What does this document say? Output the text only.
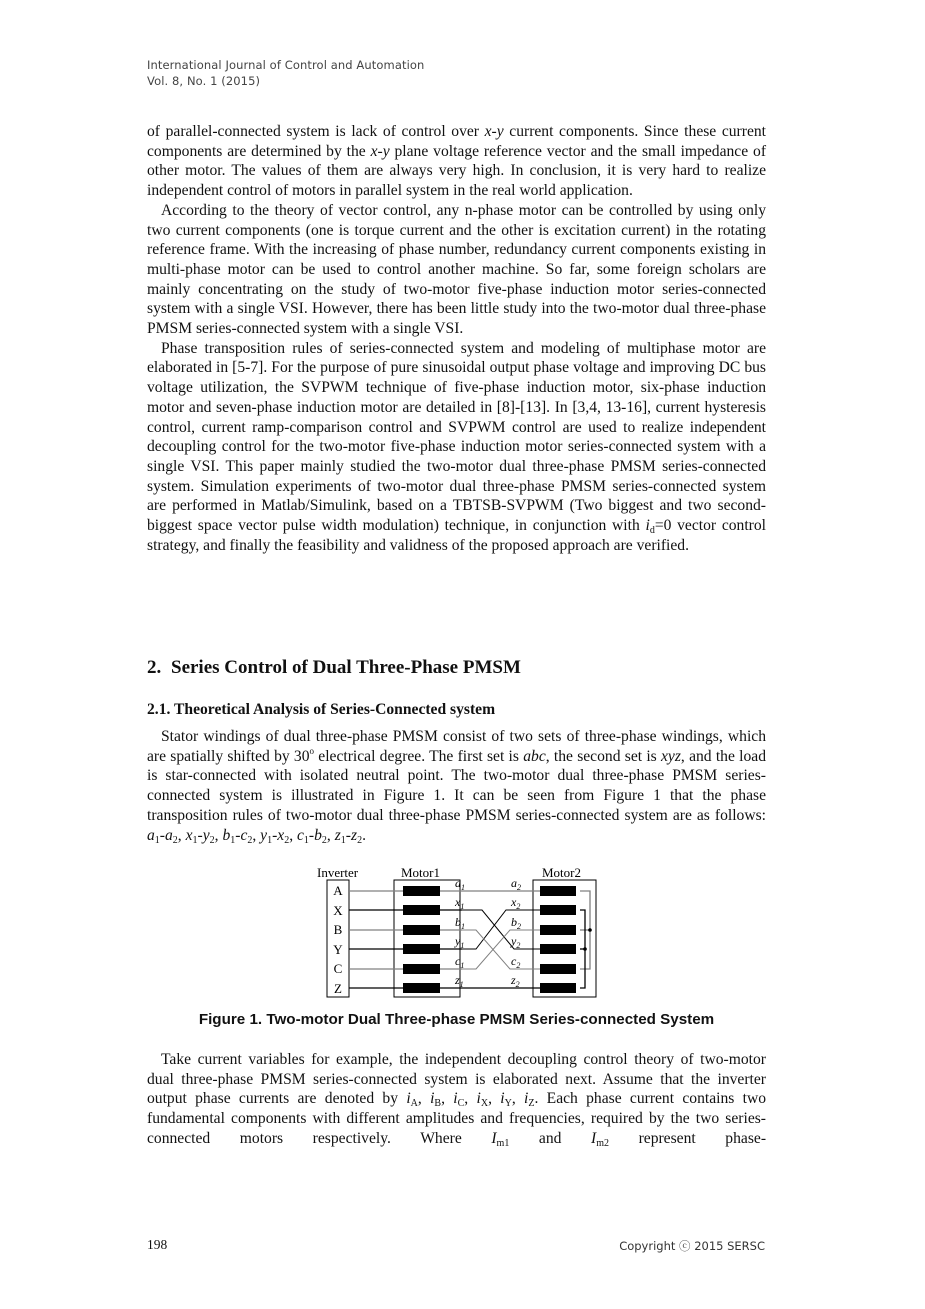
International Journal of Control and Automation
Vol. 8, No. 1 (2015)

of parallel-connected system is lack of control over x-y current components. Since these current components are determined by the x-y plane voltage reference vector and the small impedance of other motor. The values of them are always very high. In conclusion, it is very hard to realize independent control of motors in parallel system in the real world application.

According to the theory of vector control, any n-phase motor can be controlled by using only two current components (one is torque current and the other is excitation current) in the rotating reference frame. With the increasing of phase number, redundancy current components existing in multi-phase motor can be used to control another machine. So far, some foreign scholars are mainly concentrating on the study of two-motor five-phase induction motor series-connected system with a single VSI. However, there has been little study into the two-motor dual three-phase PMSM series-connected system with a single VSI.

Phase transposition rules of series-connected system and modeling of multiphase motor are elaborated in [5-7]. For the purpose of pure sinusoidal output phase voltage and improving DC bus voltage utilization, the SVPWM technique of five-phase induction motor, six-phase induction motor and seven-phase induction motor are detailed in [8]-[13]. In [3,4, 13-16], current hysteresis control, current ramp-comparison control and SVPWM control are used to realize independent decoupling control for the two-motor five-phase induction motor series-connected system with a single VSI. This paper mainly studied the two-motor dual three-phase PMSM series-connected system. Simulation experiments of two-motor dual three-phase PMSM series-connected system are performed in Matlab/Simulink, based on a TBTSB-SVPWM (Two biggest and two second-biggest space vector pulse width modulation) technique, in conjunction with $i_d=0$ vector control strategy, and finally the feasibility and validness of the proposed approach are verified.

2. Series Control of Dual Three-Phase PMSM
2.1. Theoretical Analysis of Series-Connected system

Stator windings of dual three-phase PMSM consist of two sets of three-phase windings, which are spatially shifted by 30$^o$ electrical degree. The first set is abc, the second set is xyz, and the load is star-connected with isolated neutral point. The two-motor dual three-phase PMSM series-connected system is illustrated in Figure 1. It can be seen from Figure 1 that the phase transposition rules of two-motor dual three-phase PMSM series-connected system are as follows: $a_1-a_2$, $x_1-y_2$, $b_1-c_2$, $y_1-x_2$, $c_1-b_2$, $z_1-z_2$.

Inverter	Motor1	Motor2
A
X
B
Y
C
Z
$a_1$
$x_1$
$b_1$
$y_1$
$c_1$
$z_1$
$a_2$
$x_2$
$b_2$
$y_2$
$c_2$
$z_2$
Figure 1. Two-motor Dual Three-phase PMSM Series-connected System

Take current variables for example, the independent decoupling control theory of two-motor dual three-phase PMSM series-connected system is elaborated next. Assume that the inverter output phase currents are denoted by $i_A$, $i_B$, $i_C$, $i_X$, $i_Y$, $i_Z$. Each phase current contains two fundamental components with different amplitudes and frequencies, required by the two series-connected motors respectively. Where $I_{m1}$ and $I_{m2}$ represent phase-

198	Copyright ⓒ 2015 SERSC
